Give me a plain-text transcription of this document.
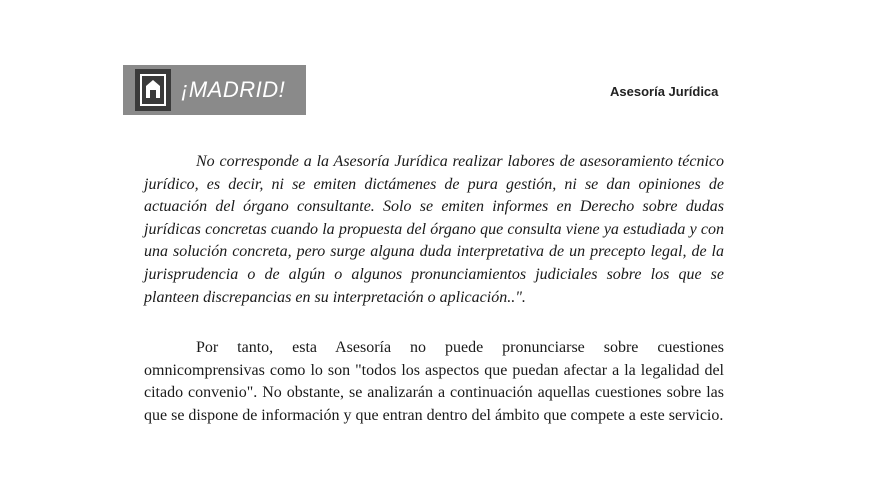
¡MADRID!	Asesoría Jurídica

No corresponde a la Asesoría Jurídica realizar labores de asesoramiento técnico jurídico, es decir, ni se emiten dictámenes de pura gestión, ni se dan opiniones de actuación del órgano consultante. Solo se emiten informes en Derecho sobre dudas jurídicas concretas cuando la propuesta del órgano que consulta viene ya estudiada y con una solución concreta, pero surge alguna duda interpretativa de un precepto legal, de la jurisprudencia o de algún o algunos pronunciamientos judiciales sobre los que se planteen discrepancias en su interpretación o aplicación..".

Por tanto, esta Asesoría no puede pronunciarse sobre cuestiones omnicomprensivas como lo son "todos los aspectos que puedan afectar a la legalidad del citado convenio". No obstante, se analizarán a continuación aquellas cuestiones sobre las que se dispone de información y que entran dentro del ámbito que compete a este servicio.
